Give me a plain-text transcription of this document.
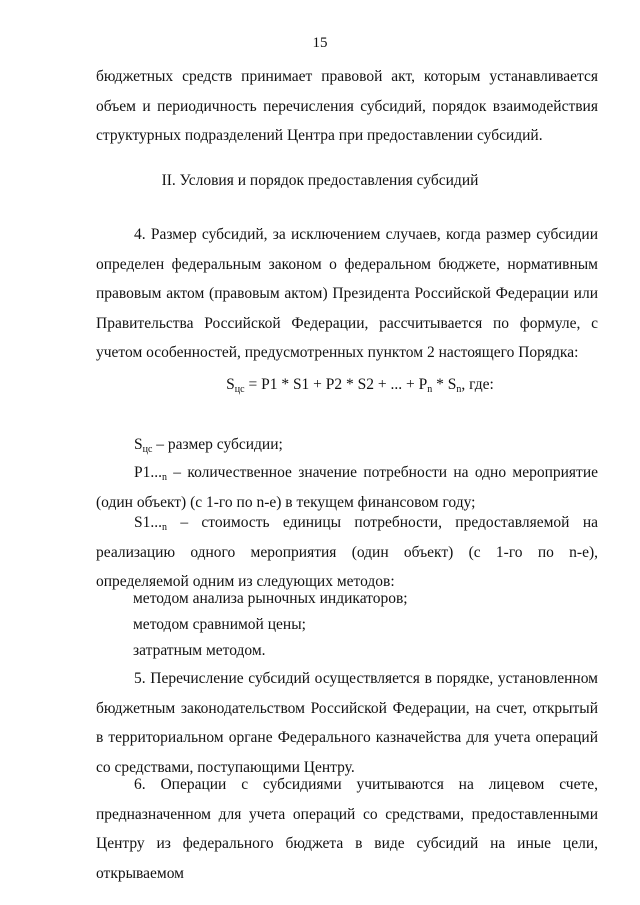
15
бюджетных средств принимает правовой акт, которым устанавливается объем и периодичность перечисления субсидий, порядок взаимодействия структурных подразделений Центра при предоставлении субсидий.
II. Условия и порядок предоставления субсидий
4. Размер субсидий, за исключением случаев, когда размер субсидии определен федеральным законом о федеральном бюджете, нормативным правовым актом (правовым актом) Президента Российской Федерации или Правительства Российской Федерации, рассчитывается по формуле, с учетом особенностей, предусмотренных пунктом 2 настоящего Порядка:
$S_{цс} = P1 * S1 + P2 * S2$ + ... + $P_n * S_n$, где:
$S_{цс}$ – размер субсидии;
$P1..._n$ – количественное значение потребности на одно мероприятие (один объект) (с 1-го по n-е) в текущем финансовом году;
$S1..._n$ – стоимость единицы потребности, предоставляемой на реализацию одного мероприятия (один объект) (с 1-го по n-е), определяемой одним из следующих методов:
методом анализа рыночных индикаторов;
методом сравнимой цены;
затратным методом.
5. Перечисление субсидий осуществляется в порядке, установленном бюджетным законодательством Российской Федерации, на счет, открытый в территориальном органе Федерального казначейства для учета операций со средствами, поступающими Центру.
6. Операции с субсидиями учитываются на лицевом счете, предназначенном для учета операций со средствами, предоставленными Центру из федерального бюджета в виде субсидий на иные цели, открываемом
